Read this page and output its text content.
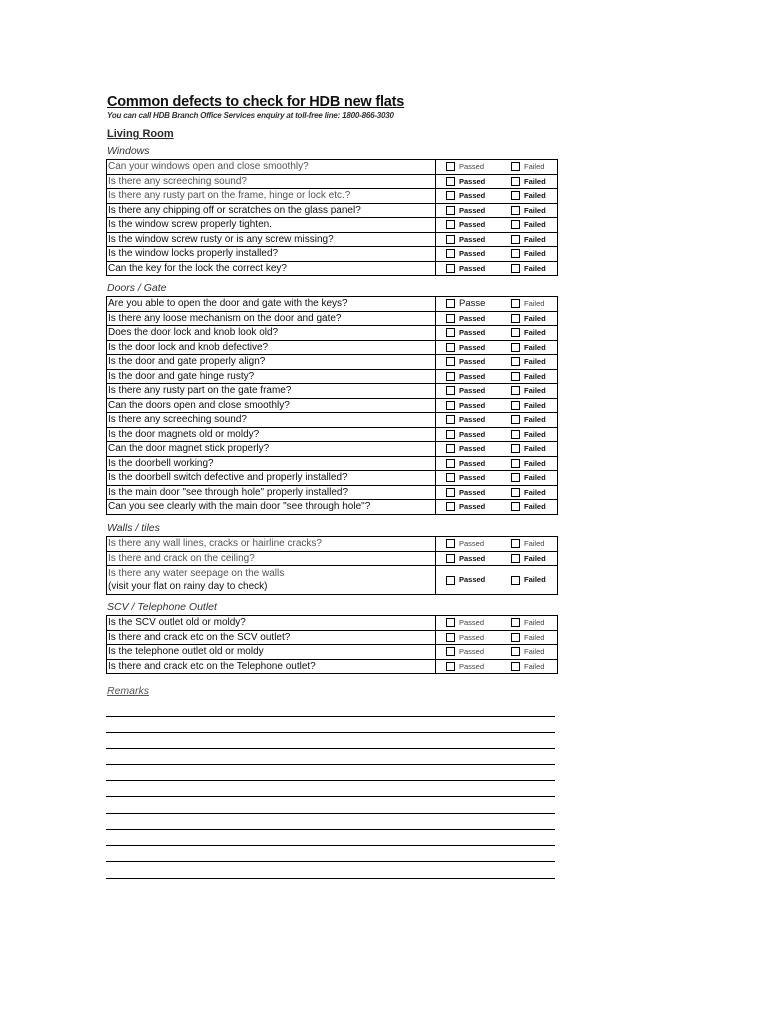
Common defects to check for HDB new flats
You can call HDB Branch Office Services enquiry at toll-free line: 1800-866-3030
Living Room
Windows
Can your windows open and close smoothly?	Passed Failed

Is there any screeching sound?	Passed Failed

Is there any rusty part on the frame, hinge or lock etc.?	Passed Failed

Is there any chipping off or scratches on the glass panel?	Passed Failed

Is the window screw properly tighten.	Passed Failed

Is the window screw rusty or is any screw missing?	Passed Failed

Is the window locks properly installed?	Passed Failed

Can the key for the lock the correct key?	Passed Failed
Doors / Gate
Are you able to open the door and gate with the keys?	Passe Failed

Is there any loose mechanism on the door and gate?	Passed Failed

Does the door lock and knob look old?	Passed Failed

Is the door lock and knob defective?	Passed Failed

Is the door and gate properly align?	Passed Failed

Is the door and gate hinge rusty?	Passed Failed

Is there any rusty part on the gate frame?	Passed Failed

Can the doors open and close smoothly?	Passed Failed

Is there any screeching sound?	Passed Failed

Is the door magnets old or moldy?	Passed Failed

Can the door magnet stick properly?	Passed Failed

Is the doorbell working?	Passed Failed

Is the doorbell switch defective and properly installed?	Passed Failed

Is the main door "see through hole" properly installed?	Passed Failed

Can you see clearly with the main door "see through hole"?	Passed Failed
Walls / tiles
Is there any wall lines, cracks or hairline cracks?	Passed Failed

Is there and crack on the ceiling?	Passed Failed

Is there any water seepage on the walls
(visit your flat on rainy day to check)	Passed Failed
SCV / Telephone Outlet
Is the SCV outlet old or moldy?	Passed Failed

Is there and crack etc on the SCV outlet?	Passed Failed

Is the telephone outlet old or moldy	Passed Failed

Is there and crack etc on the Telephone outlet?	Passed Failed
Remarks
